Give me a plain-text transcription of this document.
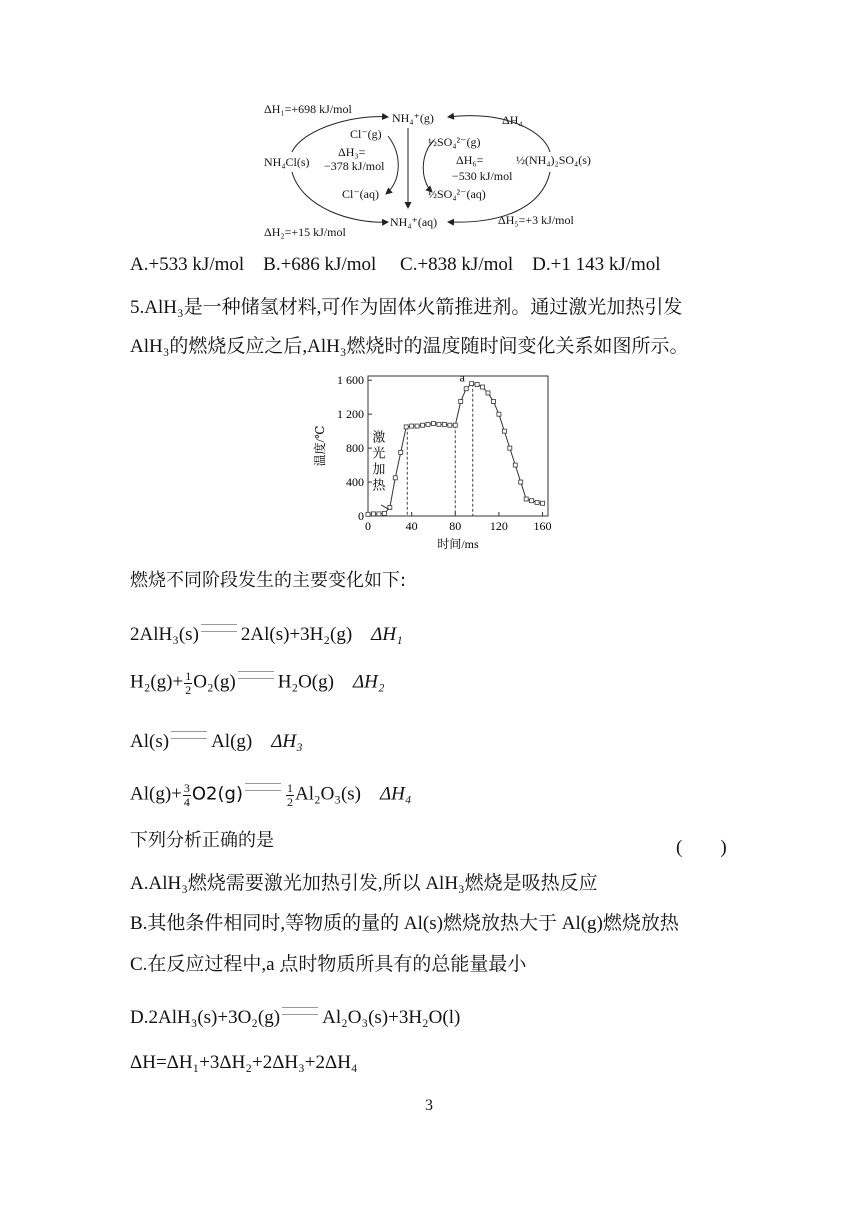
ΔH₁=+698 kJ/mol
NH₄⁺(g)	ΔH₄
Cl⁻(g)
½SO₄²⁻(g)
ΔH₃=
−378 kJ/mol
NH₄Cl(s)	ΔH₆=
−530 kJ/mol
½(NH₄)₂SO₄(s)
Cl⁻(aq)	½SO₄²⁻(aq)
NH₄⁺(aq)	ΔH₅=+3 kJ/mol
ΔH₂=+15 kJ/mol
A.+533 kJ/mol B.+686 kJ/mol C.+838 kJ/mol D.+1 143 kJ/mol
5.AlH₃是一种储氢材料,可作为固体火箭推进剂。通过激光加热引发
AlH₃的燃烧反应之后,AlH₃燃烧时的温度随时间变化关系如图所示。
0	40	80 120 160
0
400
800
1 200
1 600	a
激
光
加
热
温度/℃
时间/ms
燃烧不同阶段发生的主要变化如下:
2AlH₃(s) 2Al(s)+3H₂(g) ΔH₁
$H_2(g)+ \frac{1}{2} O_2(g)$ H₂O(g) ΔH₂
Al(s) Al(g) ΔH₃
$Al(g)+ \frac{3}{4} O2(g)$	$\frac{1}{2} Al_2O_3(s)$ ΔH₄
下列分析正确的是	(　　)
A.AlH₃燃烧需要激光加热引发,所以 AlH₃燃烧是吸热反应
B.其他条件相同时,等物质的量的 Al(s)燃烧放热大于 Al(g)燃烧放热
C.在反应过程中,a 点时物质所具有的总能量最小
D.2AlH₃(s)+3O₂(g) Al₂O₃(s)+3H₂O(l)
ΔH=ΔH₁+3ΔH₂+2ΔH₃+2ΔH₄
3
